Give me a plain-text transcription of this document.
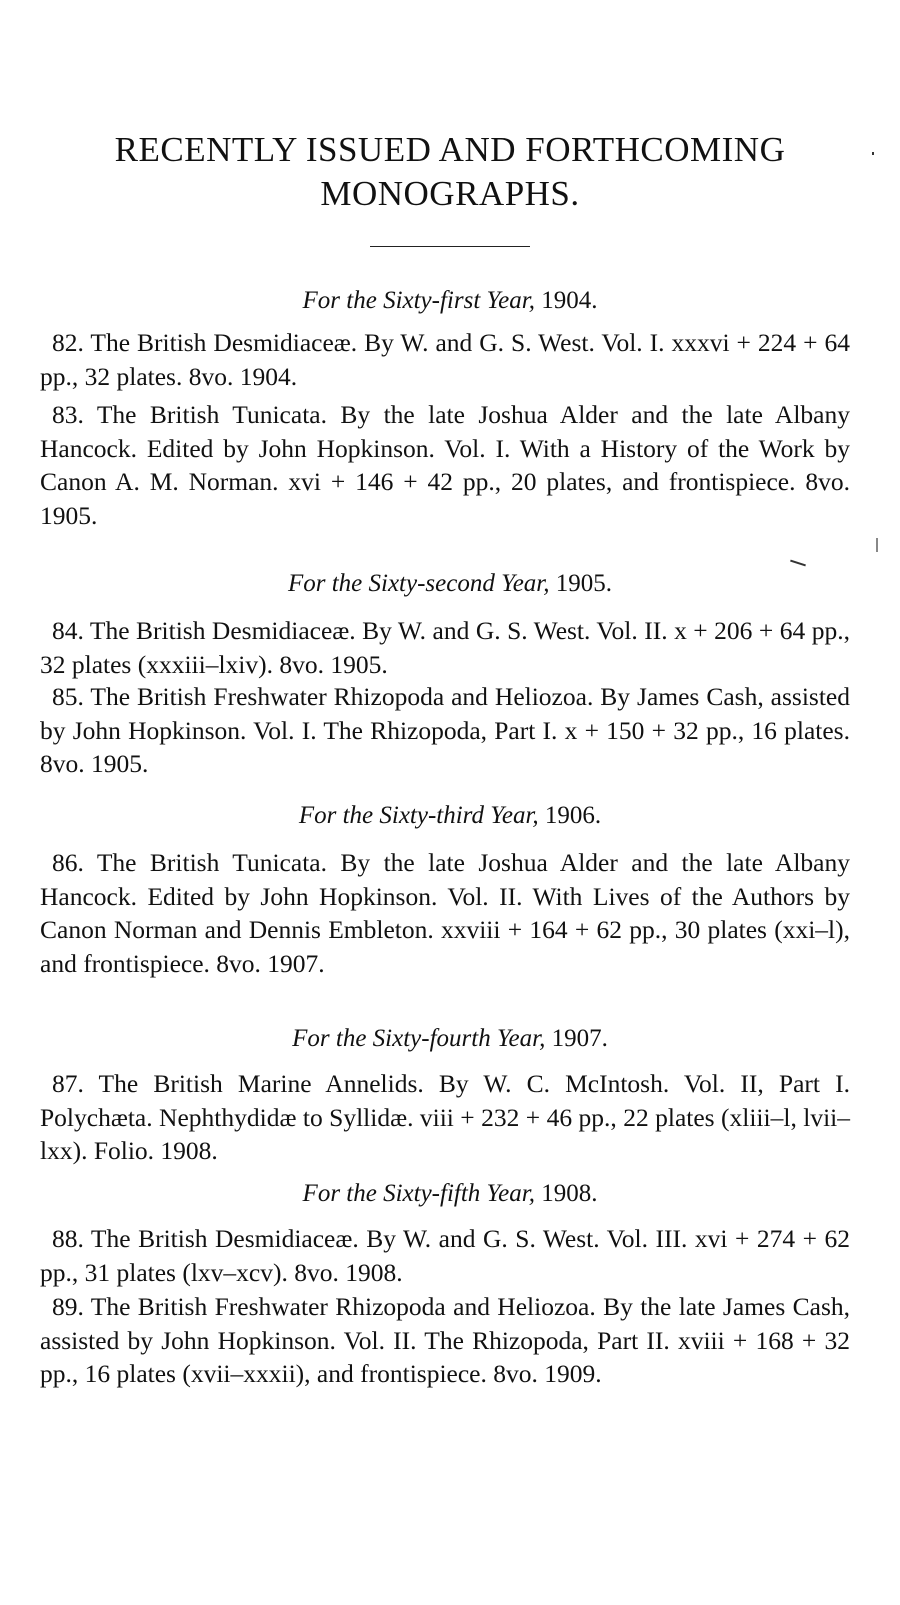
RECENTLY ISSUED AND FORTHCOMING
MONOGRAPHS.
For the Sixty-first Year, 1904.

82. The British Desmidiaceæ. By W. and G. S. West. Vol. I. xxxvi + 224 + 64 pp., 32 plates. 8vo. 1904.

83. The British Tunicata. By the late Joshua Alder and the late Albany Hancock. Edited by John Hopkinson. Vol. I. With a History of the Work by Canon A. M. Norman. xvi + 146 + 42 pp., 20 plates, and frontispiece. 8vo. 1905.

For the Sixty-second Year, 1905.

84. The British Desmidiaceæ. By W. and G. S. West. Vol. II. x + 206 + 64 pp., 32 plates (xxxiii–lxiv). 8vo. 1905.

85. The British Freshwater Rhizopoda and Heliozoa. By James Cash, assisted by John Hopkinson. Vol. I. The Rhizopoda, Part I. x + 150 + 32 pp., 16 plates. 8vo. 1905.

For the Sixty-third Year, 1906.

86. The British Tunicata. By the late Joshua Alder and the late Albany Hancock. Edited by John Hopkinson. Vol. II. With Lives of the Authors by Canon Norman and Dennis Embleton. xxviii + 164 + 62 pp., 30 plates (xxi–l), and frontispiece. 8vo. 1907.

For the Sixty-fourth Year, 1907.

87. The British Marine Annelids. By W. C. McIntosh. Vol. II, Part I. Polychæta. Nephthydidæ to Syllidæ. viii + 232 + 46 pp., 22 plates (xliii–l, lvii–lxx). Folio. 1908.

For the Sixty-fifth Year, 1908.

88. The British Desmidiaceæ. By W. and G. S. West. Vol. III. xvi + 274 + 62 pp., 31 plates (lxv–xcv). 8vo. 1908.

89. The British Freshwater Rhizopoda and Heliozoa. By the late James Cash, assisted by John Hopkinson. Vol. II. The Rhizopoda, Part II. xviii + 168 + 32 pp., 16 plates (xvii–xxxii), and frontispiece. 8vo. 1909.
